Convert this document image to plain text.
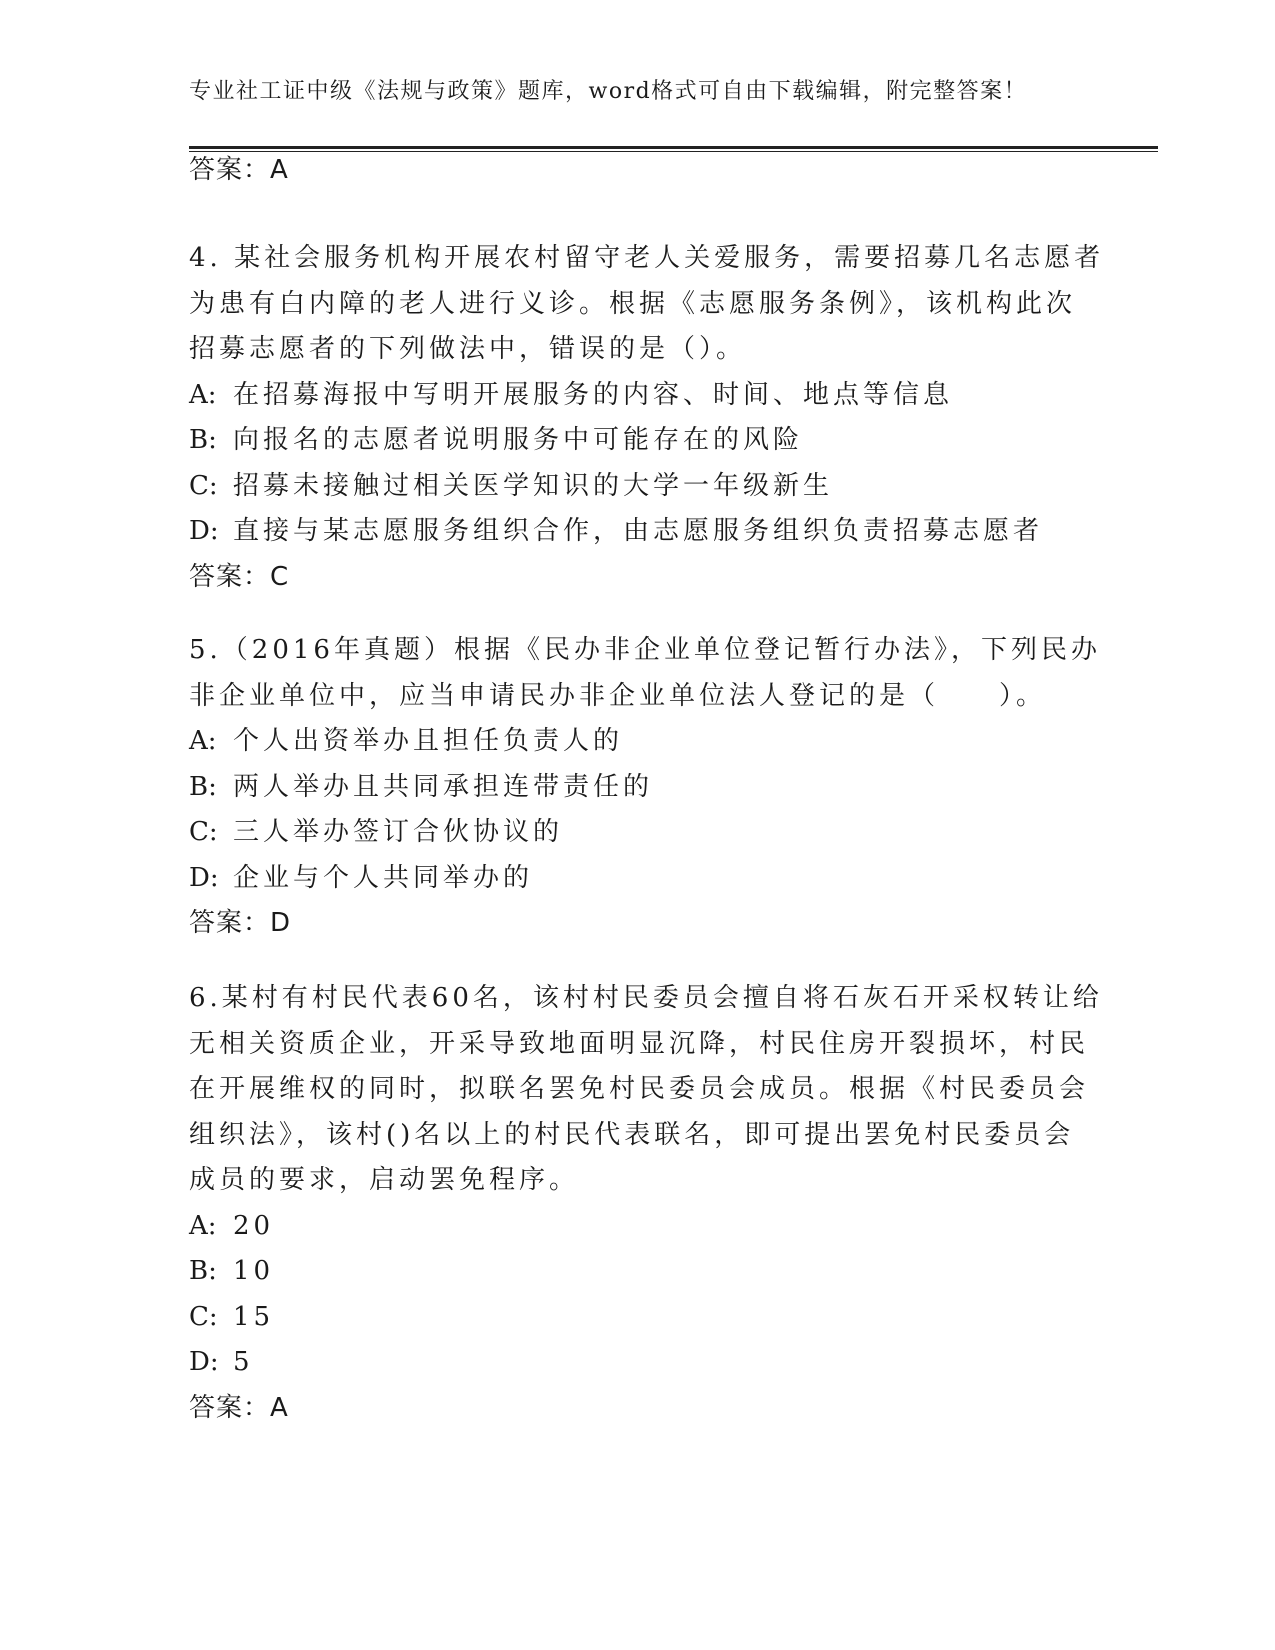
专业社工证中级《法规与政策》题库，word格式可自由下载编辑，附完整答案！
答案：A
4. 某社会服务机构开展农村留守老人关爱服务，需要招募几名志愿者
为患有白内障的老人进行义诊。根据《志愿服务条例》，该机构此次
招募志愿者的下列做法中，错误的是（）。
A: 在招募海报中写明开展服务的内容、时间、地点等信息
B: 向报名的志愿者说明服务中可能存在的风险
C: 招募未接触过相关医学知识的大学一年级新生
D: 直接与某志愿服务组织合作，由志愿服务组织负责招募志愿者
答案：C
5.（2016年真题）根据《民办非企业单位登记暂行办法》，下列民办
非企业单位中，应当申请民办非企业单位法人登记的是（　　）。
A: 个人出资举办且担任负责人的
B: 两人举办且共同承担连带责任的
C: 三人举办签订合伙协议的
D: 企业与个人共同举办的
答案：D
6.某村有村民代表60名，该村村民委员会擅自将石灰石开采权转让给
无相关资质企业，开采导致地面明显沉降，村民住房开裂损坏，村民
在开展维权的同时，拟联名罢免村民委员会成员。根据《村民委员会
组织法》，该村()名以上的村民代表联名，即可提出罢免村民委员会
成员的要求，启动罢免程序。
A: 20
B: 10
C: 15
D: 5
答案：A
